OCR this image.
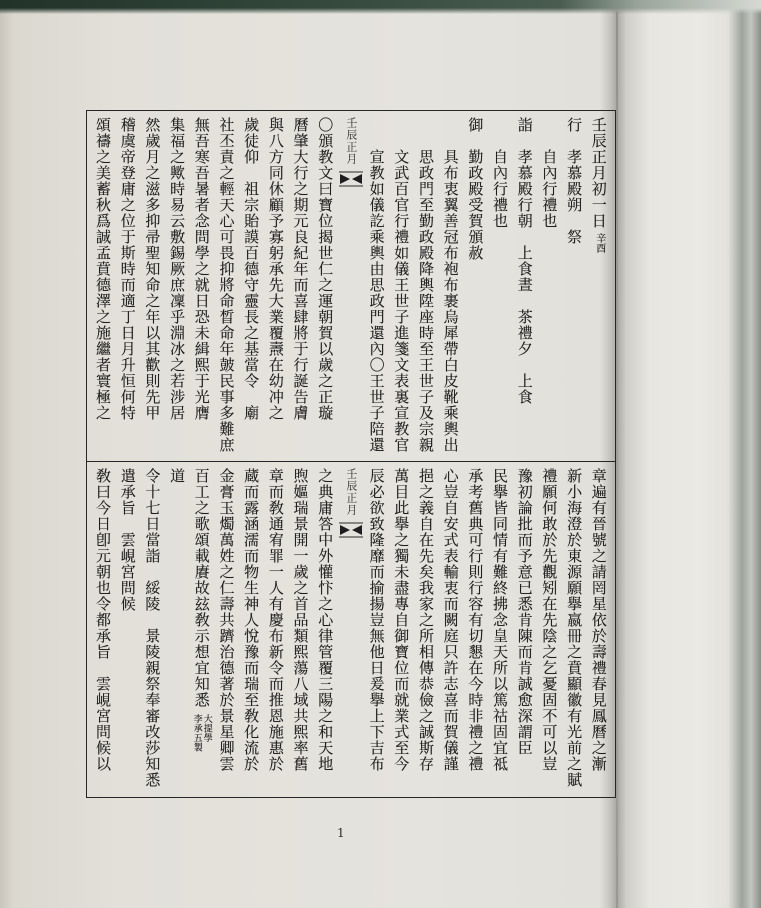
壬辰正月初一日辛酉
行　孝慕殿朔　祭
自內行禮也
詣　孝慕殿行朝　上食晝　茶禮夕　上食
自內行禮也
御　勤政殿受賀頒赦
具布衷翼善冠布袍布裹烏犀帶白皮靴乘輿出
思政門至勤政殿降輿陞座時至王世子及宗親
文武百官行禮如儀王世子進箋文表裏宣教官
宣教如儀訖乘輿由思政門還內〇王世子陪還
壬辰正月
〇頒教文曰寶位揭世仁之運朝賀以歲之正璇
曆肇大行之期元良紀年而喜肆將于行誕告膚
與八方同休顧予寡躬承先大業覆燾在幼冲之
歲徒仰　祖宗貽謨百德守靈長之基當令　廟
社丕責之輕天心可畏抑將命晳命年皷民事多難庶
無吾寒吾暑者念問學之就日恐未緝熙于光膺
集福之歟時易云敷錫厥庶凜乎淵冰之若涉居
然歲月之滋多抑帚聖知命之年以其歡則先甲
稽虞帝登庸之位于斯時而適丁日月升恒何特
頌禱之美蓄秋爲誠孟賁德澤之施繼者寰極之
章遍有晉號之請罔星依於壽禮春見鳳曆之漸
新小海澄於東源願擧嬴冊之賁顯徽有光前之賦
禮願何敢於先觀矧在先陰之乞憂固不可以豈
豫初論批而予意已悉肯陳而肯誠愈深謂臣
民擧皆同情有難終拂念皇天所以篤祜固宜祗
承考舊典可行則行容有切懇在今時非禮之禮
心豈自安式表輸衷而闕庭只許志喜而賀儀謹
挹之義自在先矣我家之所相傳恭儉之誠斯存
萬目此擧之獨未盡專自御寶位而就業式至今
辰必欲致隆靡而揄揚豈無他日爰擧上下吉布
壬辰正月
之典庸答中外懽忭之心律管覆三陽之和天地
煦嫗瑞景開一歲之首品類熙蕩八域共煕率舊
章而敎通宥罪一人有慶布新令而推恩施惠於
蔵而露涵濡而物生神人悅豫而瑞至敎化流於
金膏玉燭萬姓之仁壽共躋治德著於景星卿雲
百工之歌頌載賡故玆敎示想宜知悉
大提學
李承五製
道
令十七日當詣　綏陵　景陵親祭奉審改莎知悉
遣承旨　雲峴宮問候
敎曰今日卽元朝也令都承旨　雲峴宮問候以
1
